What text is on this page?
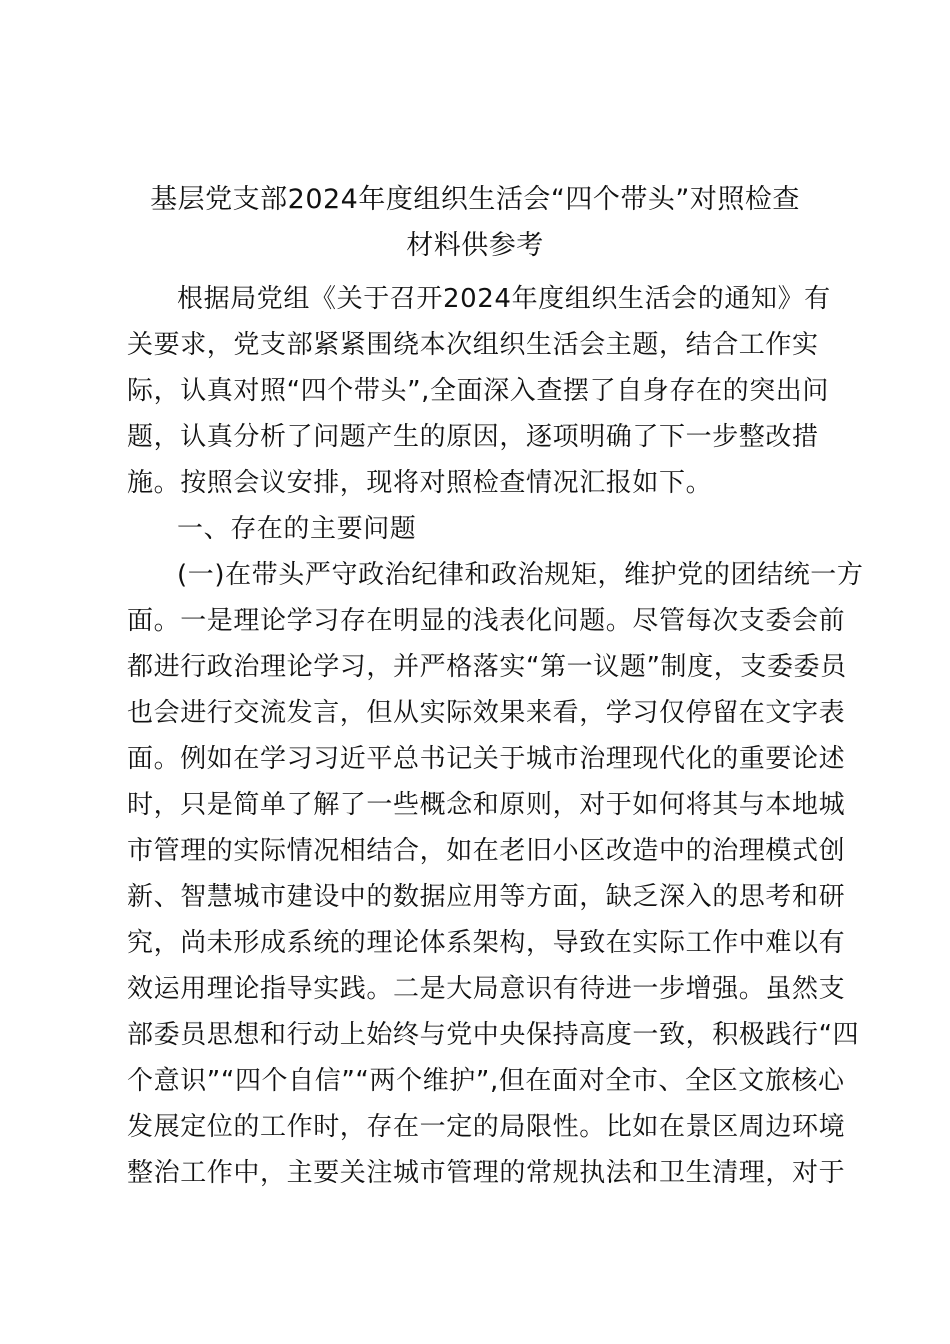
基层党支部2024年度组织生活会“四个带头”对照检查
材料供参考
根据局党组《关于召开2024年度组织生活会的通知》有
关要求，党支部紧紧围绕本次组织生活会主题，结合工作实
际，认真对照“四个带头”,全面深入查摆了自身存在的突出问
题，认真分析了问题产生的原因，逐项明确了下一步整改措
施。按照会议安排，现将对照检查情况汇报如下。
一、存在的主要问题
(一)在带头严守政治纪律和政治规矩，维护党的团结统一方
面。一是理论学习存在明显的浅表化问题。尽管每次支委会前
都进行政治理论学习，并严格落实“第一议题”制度，支委委员
也会进行交流发言，但从实际效果来看，学习仅停留在文字表
面。例如在学习习近平总书记关于城市治理现代化的重要论述
时，只是简单了解了一些概念和原则，对于如何将其与本地城
市管理的实际情况相结合，如在老旧小区改造中的治理模式创
新、智慧城市建设中的数据应用等方面，缺乏深入的思考和研
究，尚未形成系统的理论体系架构，导致在实际工作中难以有
效运用理论指导实践。二是大局意识有待进一步增强。虽然支
部委员思想和行动上始终与党中央保持高度一致，积极践行“四
个意识”“四个自信”“两个维护”,但在面对全市、全区文旅核心
发展定位的工作时，存在一定的局限性。比如在景区周边环境
整治工作中，主要关注城市管理的常规执法和卫生清理，对于
